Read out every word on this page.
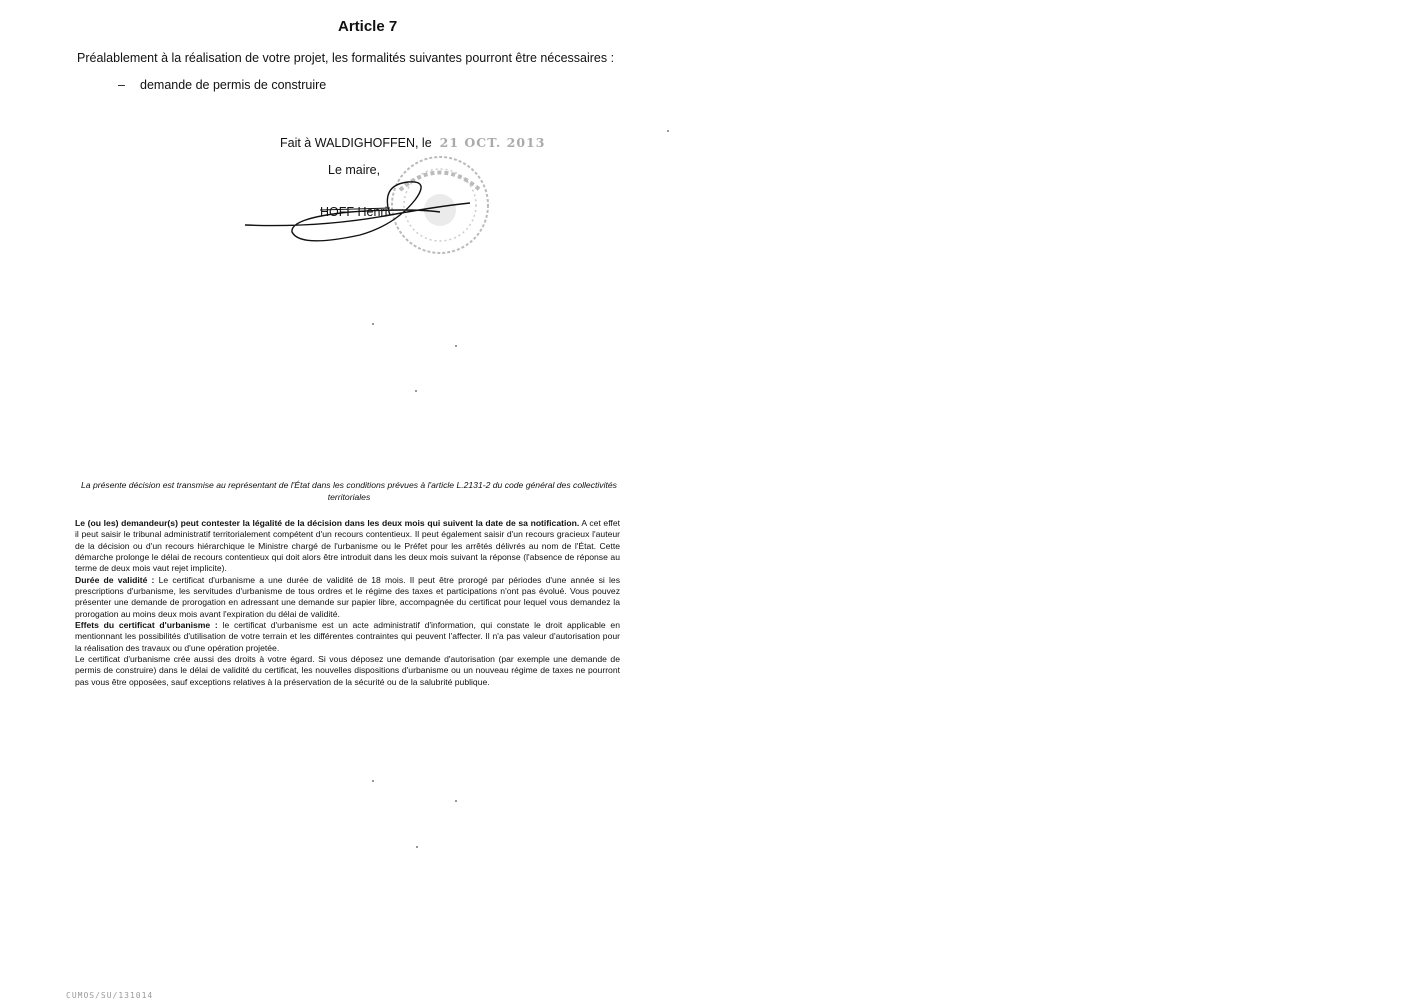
Article 7
Préalablement à la réalisation de votre projet, les formalités suivantes pourront être nécessaires :
– demande de permis de construire
Fait à WALDIGHOFFEN, le 21 OCT. 2013
Le maire,
HOFF Henri
La présente décision est transmise au représentant de l'État dans les conditions prévues à l'article L.2131-2 du code général des collectivités territoriales

Le (ou les) demandeur(s) peut contester la légalité de la décision dans les deux mois qui suivent la date de sa notification. A cet effet il peut saisir le tribunal administratif territorialement compétent d'un recours contentieux. Il peut également saisir d'un recours gracieux l'auteur de la décision ou d'un recours hiérarchique le Ministre chargé de l'urbanisme ou le Préfet pour les arrêtés délivrés au nom de l'État. Cette démarche prolonge le délai de recours contentieux qui doit alors être introduit dans les deux mois suivant la réponse (l'absence de réponse au terme de deux mois vaut rejet implicite).

Durée de validité : Le certificat d'urbanisme a une durée de validité de 18 mois. Il peut être prorogé par périodes d'une année si les prescriptions d'urbanisme, les servitudes d'urbanisme de tous ordres et le régime des taxes et participations n'ont pas évolué. Vous pouvez présenter une demande de prorogation en adressant une demande sur papier libre, accompagnée du certificat pour lequel vous demandez la prorogation au moins deux mois avant l'expiration du délai de validité.

Effets du certificat d'urbanisme : le certificat d'urbanisme est un acte administratif d'information, qui constate le droit applicable en mentionnant les possibilités d'utilisation de votre terrain et les différentes contraintes qui peuvent l'affecter. Il n'a pas valeur d'autorisation pour la réalisation des travaux ou d'une opération projetée.

Le certificat d'urbanisme crée aussi des droits à votre égard. Si vous déposez une demande d'autorisation (par exemple une demande de permis de construire) dans le délai de validité du certificat, les nouvelles dispositions d'urbanisme ou un nouveau régime de taxes ne pourront pas vous être opposées, sauf exceptions relatives à la préservation de la sécurité ou de la salubrité publique.

CUMOS/SU/131014
